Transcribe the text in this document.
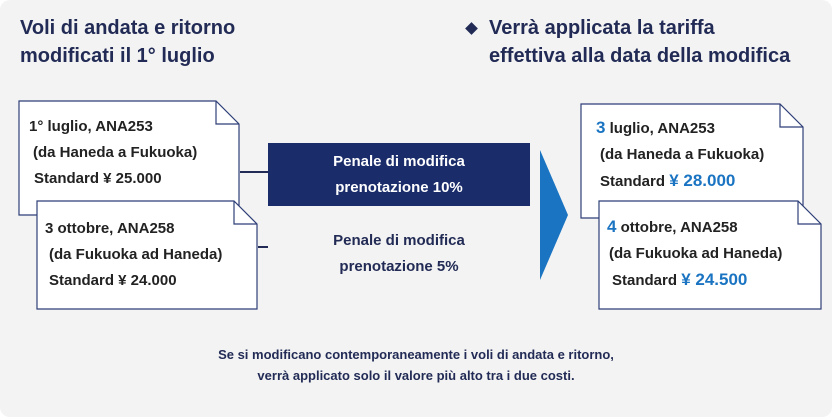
Voli di andata e ritorno
modificati il 1° luglio
Verrà applicata la tariffa
effettiva alla data della modifica
1° luglio, ANA253
(da Haneda a Fukuoka)
Standard ¥ 25.000
3 ottobre, ANA258
(da Fukuoka ad Haneda)
Standard ¥ 24.000
Penale di modifica
prenotazione 10%
Penale di modifica
prenotazione 5%
3 luglio, ANA253
(da Haneda a Fukuoka)
Standard ¥ 28.000
4 ottobre, ANA258
(da Fukuoka ad Haneda)
Standard ¥ 24.500
Se si modificano contemporaneamente i voli di andata e ritorno,
verrà applicato solo il valore più alto tra i due costi.
